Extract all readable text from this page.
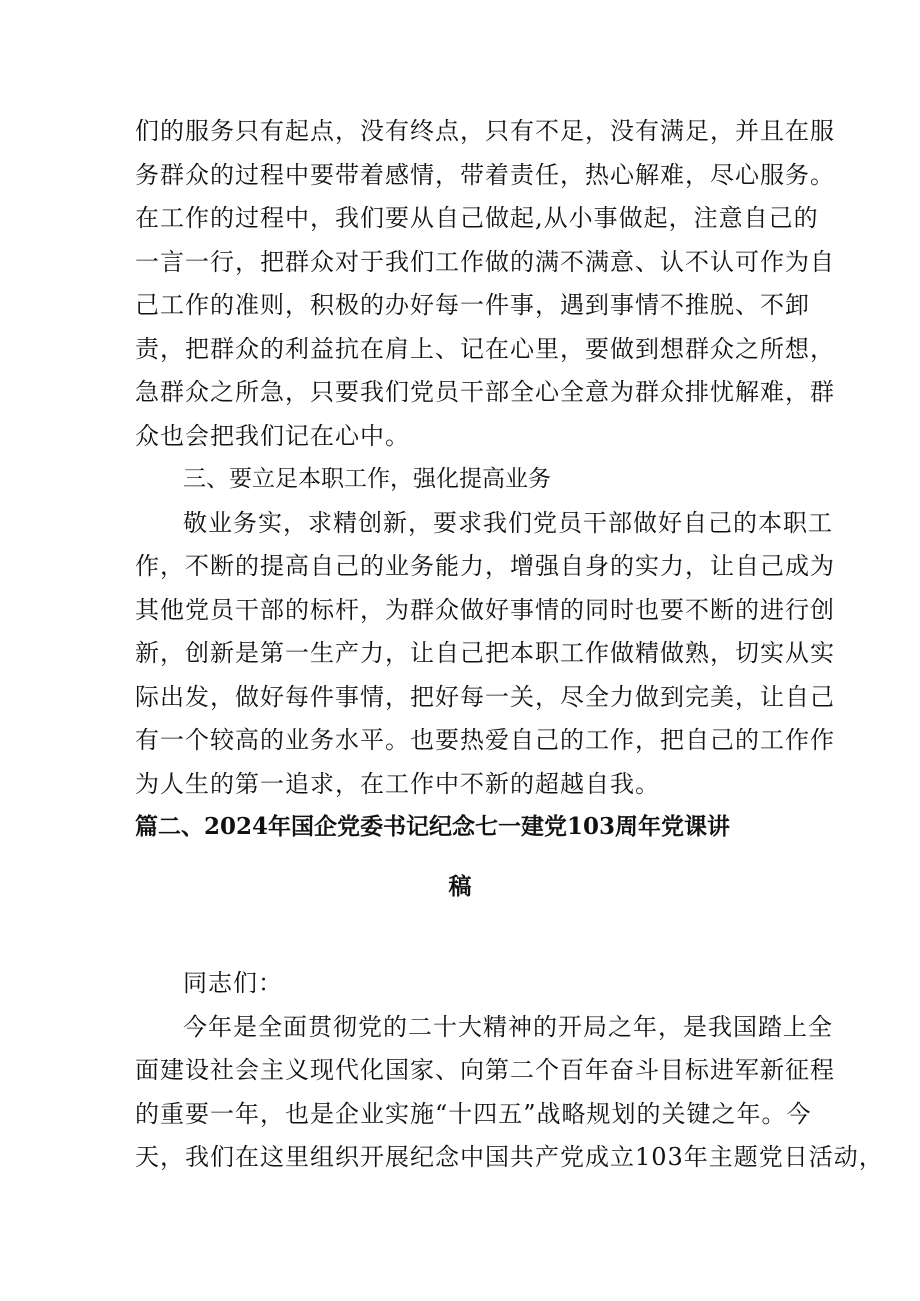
们的服务只有起点，没有终点，只有不足，没有满足，并且在服
务群众的过程中要带着感情，带着责任，热心解难，尽心服务。
在工作的过程中，我们要从自己做起,从小事做起，注意自己的
一言一行，把群众对于我们工作做的满不满意、认不认可作为自
己工作的准则，积极的办好每一件事，遇到事情不推脱、不卸
责，把群众的利益抗在肩上、记在心里，要做到想群众之所想，
急群众之所急，只要我们党员干部全心全意为群众排忧解难，群
众也会把我们记在心中。
三、要立足本职工作，强化提高业务
敬业务实，求精创新，要求我们党员干部做好自己的本职工
作，不断的提高自己的业务能力，增强自身的实力，让自己成为
其他党员干部的标杆，为群众做好事情的同时也要不断的进行创
新，创新是第一生产力，让自己把本职工作做精做熟，切实从实
际出发，做好每件事情，把好每一关，尽全力做到完美，让自己
有一个较高的业务水平。也要热爱自己的工作，把自己的工作作
为人生的第一追求，在工作中不新的超越自我。
篇二、2024年国企党委书记纪念七一建党103周年党课讲
稿
同志们：
今年是全面贯彻党的二十大精神的开局之年，是我国踏上全
面建设社会主义现代化国家、向第二个百年奋斗目标进军新征程
的重要一年，也是企业实施“十四五”战略规划的关键之年。今
天，我们在这里组织开展纪念中国共产党成立103年主题党日活动，
